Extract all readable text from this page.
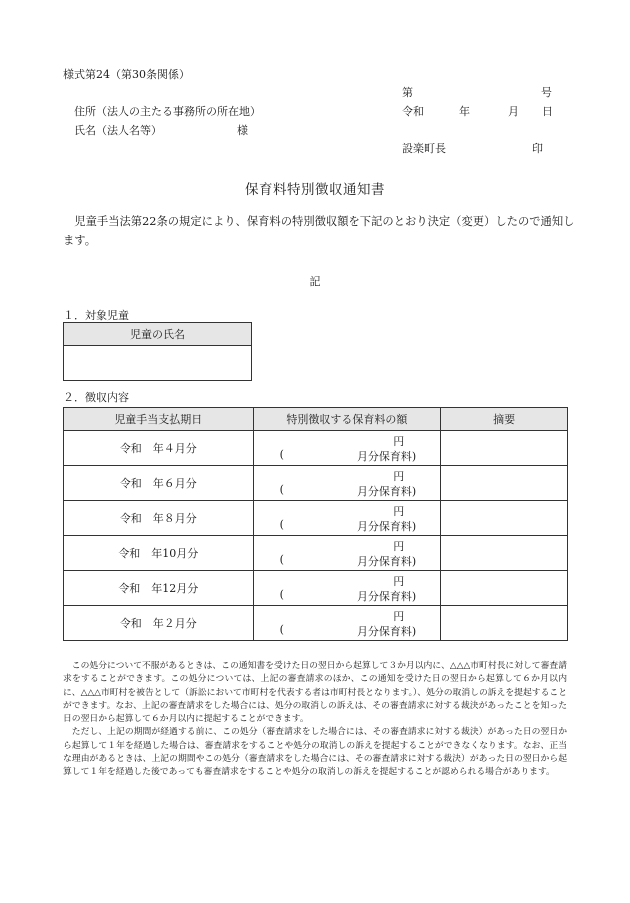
様式第24（第30条関係）
第	号
住所（法人の主たる事務所の所在地）	令和	年	月 日
氏名（法人名等）	様
設楽町長	印
保育料特別徴収通知書
児童手当法第22条の規定により、保育料の特別徴収額を下記のとおり決定（変更）したので通知します。
記
１．対象児童
児童の氏名

２．徴収内容
児童手当支払期日	特別徴収する保育料の額	摘要
令和　年４月分	円
( 月分保育料)	

令和　年６月分	円
( 月分保育料)	

令和　年８月分	円
( 月分保育料)	

令和　年10月分	円
( 月分保育料)	

令和　年12月分	円
( 月分保育料)	

令和　年２月分	円
( 月分保育料)	

この処分について不服があるときは、この通知書を受けた日の翌日から起算して３か月以内に、△△△市町村長に対して審査請求をすることができます。この処分については、上記の審査請求のほか、この通知を受けた日の翌日から起算して６か月以内に、△△△市町村を被告として（訴訟において市町村を代表する者は市町村長となります。）、処分の取消しの訴えを提起することができます。なお、上記の審査請求をした場合には、処分の取消しの訴えは、その審査請求に対する裁決があったことを知った日の翌日から起算して６か月以内に提起することができます。

ただし、上記の期間が経過する前に、この処分（審査請求をした場合には、その審査請求に対する裁決）があった日の翌日から起算して１年を経過した場合は、審査請求をすることや処分の取消しの訴えを提起することができなくなります。なお、正当な理由があるときは、上記の期間やこの処分（審査請求をした場合には、その審査請求に対する裁決）があった日の翌日から起算して１年を経過した後であっても審査請求をすることや処分の取消しの訴えを提起することが認められる場合があります。
